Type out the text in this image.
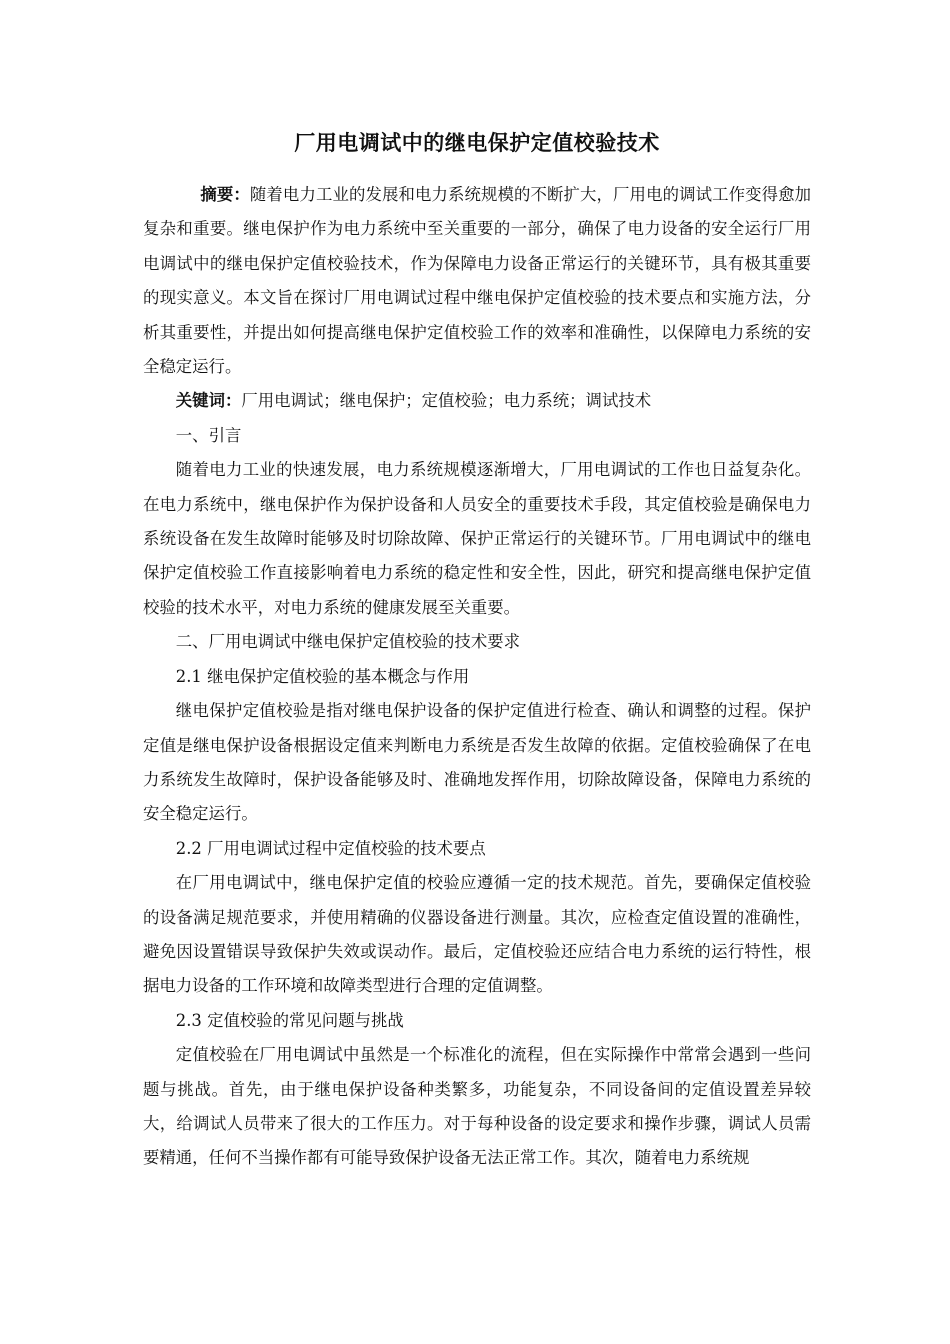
厂用电调试中的继电保护定值校验技术

摘要：随着电力工业的发展和电力系统规模的不断扩大，厂用电的调试工作变得愈加复杂和重要。继电保护作为电力系统中至关重要的一部分，确保了电力设备的安全运行厂用电调试中的继电保护定值校验技术，作为保障电力设备正常运行的关键环节，具有极其重要的现实意义。本文旨在探讨厂用电调试过程中继电保护定值校验的技术要点和实施方法，分析其重要性，并提出如何提高继电保护定值校验工作的效率和准确性，以保障电力系统的安全稳定运行。

关键词：厂用电调试；继电保护；定值校验；电力系统；调试技术

一、引言

随着电力工业的快速发展，电力系统规模逐渐增大，厂用电调试的工作也日益复杂化。在电力系统中，继电保护作为保护设备和人员安全的重要技术手段，其定值校验是确保电力系统设备在发生故障时能够及时切除故障、保护正常运行的关键环节。厂用电调试中的继电保护定值校验工作直接影响着电力系统的稳定性和安全性，因此，研究和提高继电保护定值校验的技术水平，对电力系统的健康发展至关重要。

二、厂用电调试中继电保护定值校验的技术要求

2.1 继电保护定值校验的基本概念与作用

继电保护定值校验是指对继电保护设备的保护定值进行检查、确认和调整的过程。保护定值是继电保护设备根据设定值来判断电力系统是否发生故障的依据。定值校验确保了在电力系统发生故障时，保护设备能够及时、准确地发挥作用，切除故障设备，保障电力系统的安全稳定运行。

2.2 厂用电调试过程中定值校验的技术要点

在厂用电调试中，继电保护定值的校验应遵循一定的技术规范。首先，要确保定值校验的设备满足规范要求，并使用精确的仪器设备进行测量。其次，应检查定值设置的准确性，避免因设置错误导致保护失效或误动作。最后，定值校验还应结合电力系统的运行特性，根据电力设备的工作环境和故障类型进行合理的定值调整。

2.3 定值校验的常见问题与挑战

定值校验在厂用电调试中虽然是一个标准化的流程，但在实际操作中常常会遇到一些问题与挑战。首先，由于继电保护设备种类繁多，功能复杂，不同设备间的定值设置差异较大，给调试人员带来了很大的工作压力。对于每种设备的设定要求和操作步骤，调试人员需要精通，任何不当操作都有可能导致保护设备无法正常工作。其次，随着电力系统规
